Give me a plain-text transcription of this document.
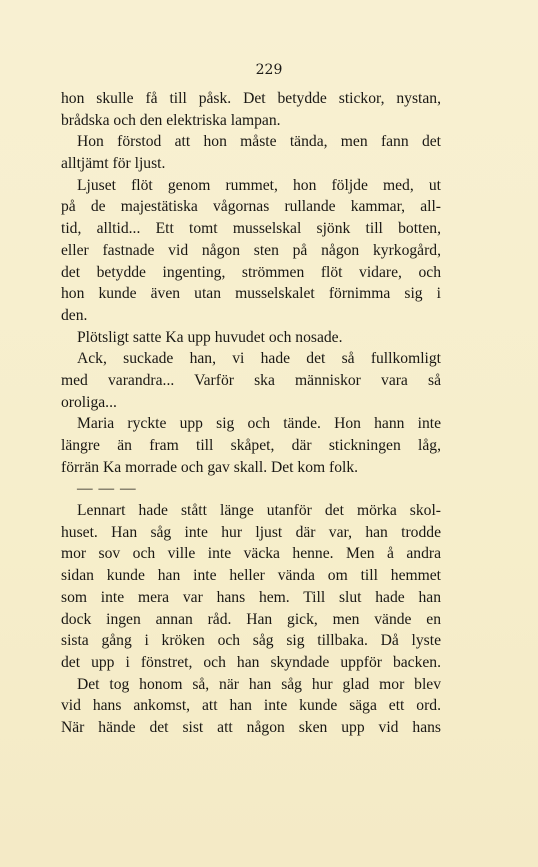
229
hon skulle få till påsk. Det betydde stickor, nystan,
brådska och den elektriska lampan.
Hon förstod att hon måste tända, men fann det
alltjämt för ljust.
Ljuset flöt genom rummet, hon följde med, ut
på de majestätiska vågornas rullande kammar, all-
tid, alltid... Ett tomt musselskal sjönk till botten,
eller fastnade vid någon sten på någon kyrkogård,
det betydde ingenting, strömmen flöt vidare, och
hon kunde även utan musselskalet förnimma sig i
den.
Plötsligt satte Ka upp huvudet och nosade.
Ack, suckade han, vi hade det så fullkomligt
med varandra... Varför ska människor vara så
oroliga...
Maria ryckte upp sig och tände. Hon hann inte
längre än fram till skåpet, där stickningen låg,
förrän Ka morrade och gav skall. Det kom folk.
— — —
Lennart hade stått länge utanför det mörka skol-
huset. Han såg inte hur ljust där var, han trodde
mor sov och ville inte väcka henne. Men å andra
sidan kunde han inte heller vända om till hemmet
som inte mera var hans hem. Till slut hade han
dock ingen annan råd. Han gick, men vände en
sista gång i kröken och såg sig tillbaka. Då lyste
det upp i fönstret, och han skyndade uppför backen.
Det tog honom så, när han såg hur glad mor blev
vid hans ankomst, att han inte kunde säga ett ord.
När hände det sist att någon sken upp vid hans
